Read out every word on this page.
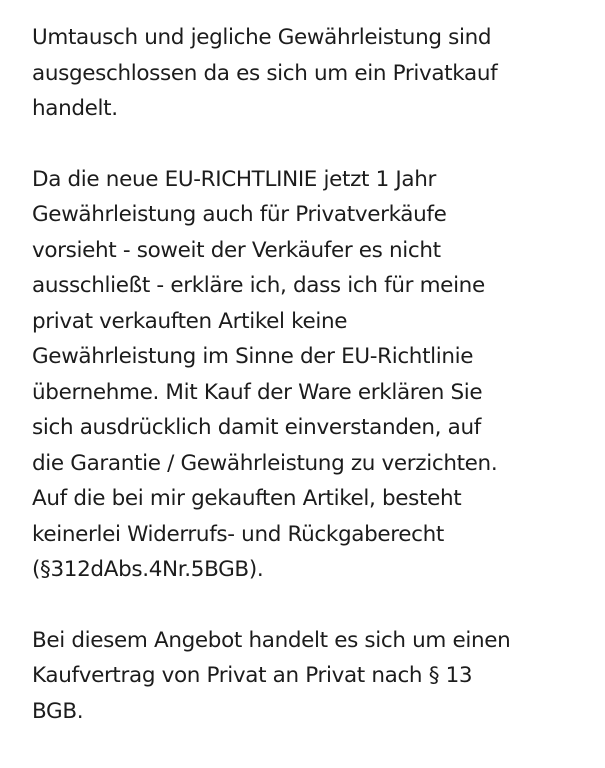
Umtausch und jegliche Gewährleistung sind
ausgeschlossen da es sich um ein Privatkauf
handelt.

Da die neue EU-RICHTLINIE jetzt 1 Jahr
Gewährleistung auch für Privatverkäufe
vorsieht - soweit der Verkäufer es nicht
ausschließt - erkläre ich, dass ich für meine
privat verkauften Artikel keine
Gewährleistung im Sinne der EU-Richtlinie
übernehme. Mit Kauf der Ware erklären Sie
sich ausdrücklich damit einverstanden, auf
die Garantie / Gewährleistung zu verzichten.
Auf die bei mir gekauften Artikel, besteht
keinerlei Widerrufs- und Rückgaberecht
(§312dAbs.4Nr.5BGB).

Bei diesem Angebot handelt es sich um einen
Kaufvertrag von Privat an Privat nach § 13
BGB.
